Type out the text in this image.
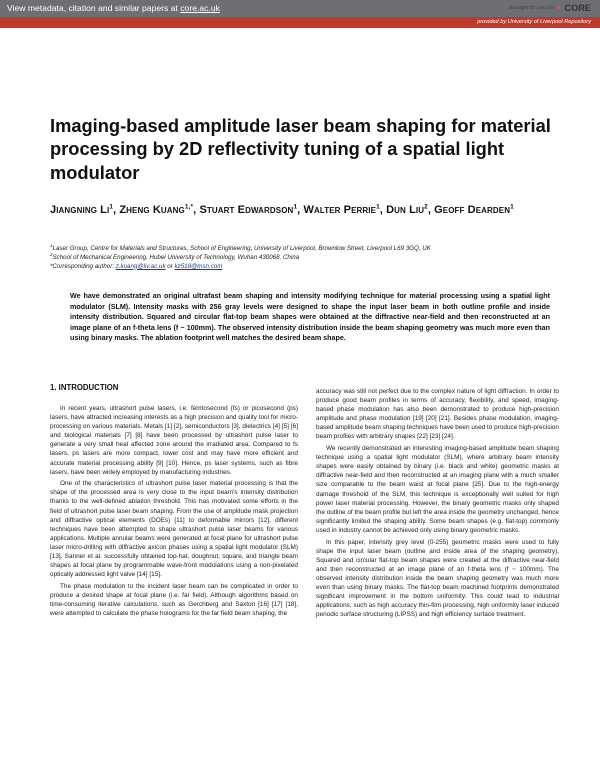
View metadata, citation and similar papers at core.ac.uk	brought to you by ▲ CORE
provided by University of Liverpool Repository
Imaging-based amplitude laser beam shaping for material processing by 2D reflectivity tuning of a spatial light modulator
Jiangning Li$^1$, Zheng Kuang$^{1,*}$, Stuart Edwardson$^1$, Walter Perrie$^1$, Dun Liu$^2$, Geoff Dearden$^1$
$^1$Laser Group, Centre for Materials and Structures, School of Engineering, University of Liverpool, Brownlow Street, Liverpool L69 3GQ, UK
$^2$School of Mechanical Engineering, Hubei University of Technology, Wuhan 430068, China
*Corresponding author: z.kuang@liv.ac.uk or kz518@msn.com

We have demonstrated an original ultrafast beam shaping and intensity modifying technique for material processing using a spatial light modulator (SLM). Intensity masks with 256 gray levels were designed to shape the input laser beam in both outline profile and inside intensity distribution. Squared and circular flat-top beam shapes were obtained at the diffractive near-field and then reconstructed at an image plane of an f-theta lens (f ~ 100mm). The observed intensity distribution inside the beam shaping geometry was much more even than using binary masks. The ablation footprint well matches the desired beam shape.

1. INTRODUCTION

In recent years, ultrashort pulse lasers, i.e. femtosecond (fs) or picosecond (ps) lasers, have attracted increasing interests as a high precision and quality tool for micro-processing on various materials. Metals [1] [2], semiconductors [3], dielectrics [4] [5] [6] and biological materials [7] [8] have been processed by ultrashort pulse laser to generate a very small heat affected zone around the irradiated area. Compared to fs lasers, ps lasers are more compact, lower cost and may have more efficient and accurate material processing ability [9] [10]. Hence, ps laser systems, such as fibre lasers, have been widely employed by manufacturing industries.

One of the characteristics of ultrashort pulse laser material processing is that the shape of the processed area is very close to the input beam's intensity distribution thanks to the well-defined ablation threshold. This has motivated some efforts in the field of ultrashort pulse laser beam shaping. From the use of amplitude mask projection and diffractive optical elements (DOEs) [11] to deformable mirrors [12], different techniques have been attempted to shape ultrashort pulse laser beams for various applications. Multiple annular beams were generated at focal plane for ultrashort pulse laser micro-drilling with diffractive axicon phases using a spatial light modulator (SLM) [13]. Sanner et al. successfully obtained top-hat, doughnut, square, and triangle beam shapes at focal plane by programmable wave-front modulations using a non-pixelated optically addressed light valve [14] [15].

The phase modulation to the incident laser beam can be complicated in order to produce a desired shape at focal plane (i.e. far field). Although algorithms based on time-consuming iterative calculations, such as Gerchberg and Saxton [16] [17] [18], were attempted to calculate the phase holograms for the far field beam shaping, the

accuracy was still not perfect due to the complex nature of light diffraction. In order to produce good beam profiles in terms of accuracy, flexibility, and speed, imaging-based phase modulation has also been demonstrated to produce high-precision amplitude and phase modulation [19] [20] [21]. Besides phase modulation, imaging-based amplitude beam shaping techniques have been used to produce high-precision beam profiles with arbitrary shapes [22] [23] [24].

We recently demonstrated an interesting imaging-based amplitude beam shaping technique using a spatial light modulator (SLM), where arbitrary beam intensity shapes were easily obtained by binary (i.e. black and white) geometric masks at diffractive near-field and then reconstructed at an imaging plane with a much smaller size comparable to the beam waist at focal plane [25]. Due to the high-energy damage threshold of the SLM, this technique is exceptionally well suited for high power laser material processing. However, the binary geometric masks only shaped the outline of the beam profile but left the area inside the geometry unchanged, hence significantly limited the shaping ability. Some beam shapes (e.g. flat-top) commonly used in industry cannot be achieved only using binary geometric masks.

In this paper, intensity grey level (0-255) geometric masks were used to fully shape the input laser beam (outline and inside area of the shaping geometry). Squared and circular flat-top beam shapes were created at the diffractive near-field and then reconstructed at an image plane of an f-theta lens (f ~ 100mm). The observed intensity distribution inside the beam shaping geometry was much more even than using binary masks. The flat-top beam machined footprints demonstrated significant improvement in the bottom uniformity. This could lead to industrial applications, such as high accuracy thin-film processing, high uniformity laser induced periodic surface structuring (LIPSS) and high efficiency surface treatment.
